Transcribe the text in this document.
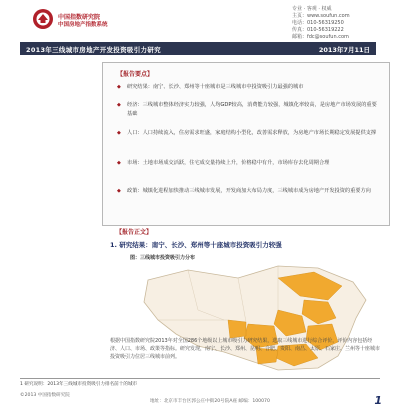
中国指数研究院
中国房地产指数系统
专业 · 客观 · 权威
主页：www.soufun.com
电话：010-56319250
传真：010-56319222
邮箱：fdc@soufun.com
2013年三线城市房地产开发投资吸引力研究	2013年7月11日
【报告要点】
◆ 研究结果：南宁、长沙、郑州等十座城市是三线城市中投资吸引力最强的城市
◆ 经济：三线城市整体经济实力较强，人均GDP较高，消费能力较强，城镇化率较高，是房地产市场发展的重要基础
◆ 人口：人口持续流入，住房需求旺盛，家庭结构小型化，改善需求释放，为房地产市场长期稳定发展提供支撑
◆ 市场：土地市场成交活跃，住宅成交量持续上升，价格稳中有升，市场库存去化周期合理
◆ 政策：城镇化进程加快推动三线城市发展，开发商加大布局力度，三线城市成为房地产开发投资的重要方向
【报告正文】
1. 研究结果：南宁、长沙、郑州等十座城市投资吸引力较强
图：三线城市投资吸引力分布
根据中国指数研究院2013年对全国286个地级以上城市吸引力研究结果，选取三线城市进行综合评价，评价内容包括经济、人口、市场、政策等指标。研究发现，南宁、长沙、郑州、昆明、合肥、贵阳、南昌、太原、石家庄、兰州等十座城市投资吸引力位居三线城市前列。
1 研究说明：2013年三线城市投资吸引力排名前十的城市
©2013 中国指数研究院
地址：北京市丰台区郭公庄中街20号院A座 邮编：100070	1
